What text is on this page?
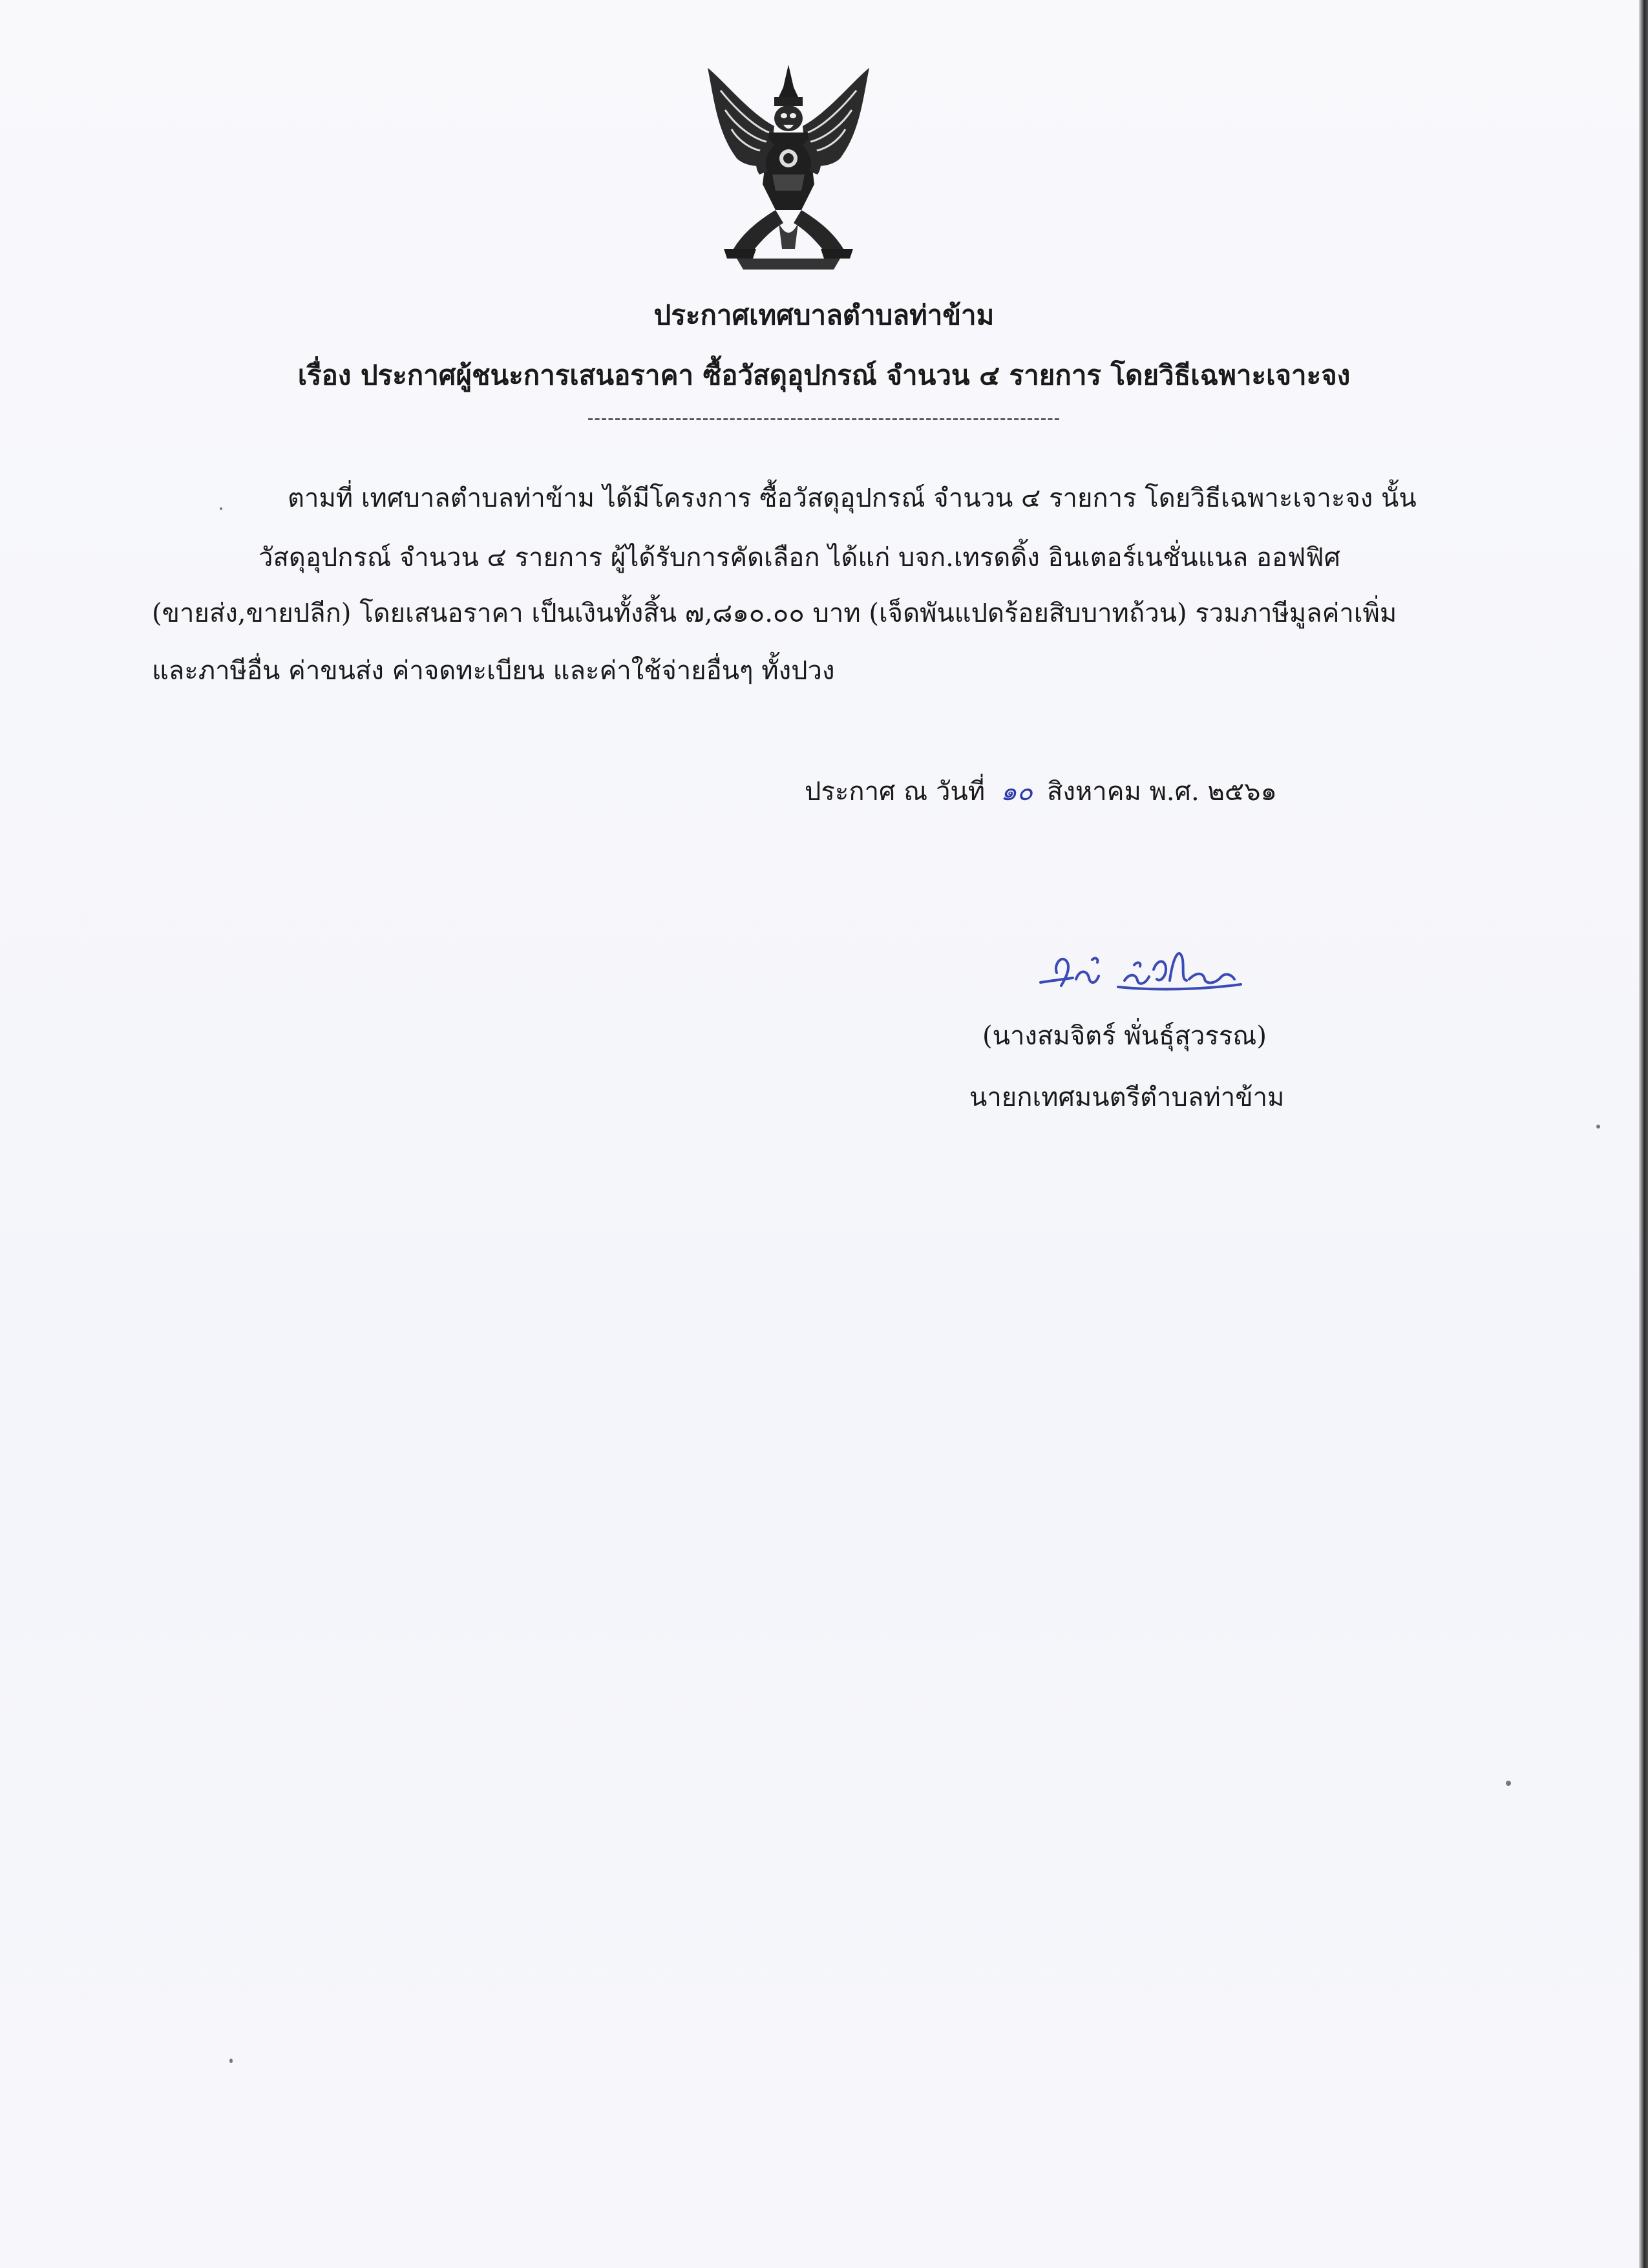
ประกาศเทศบาลตำบลท่าข้าม
เรื่อง ประกาศผู้ชนะการเสนอราคา ซื้อวัสดุอุปกรณ์ จำนวน ๔ รายการ โดยวิธีเฉพาะเจาะจง
----------------------------------------------------------------------
ตามที่ เทศบาลตำบลท่าข้าม ได้มีโครงการ ซื้อวัสดุอุปกรณ์ จำนวน ๔ รายการ โดยวิธีเฉพาะเจาะจง นั้น
วัสดุอุปกรณ์ จำนวน ๔ รายการ ผู้ได้รับการคัดเลือก ได้แก่ บจก.เทรดดิ้ง อินเตอร์เนชั่นแนล ออฟฟิศ
(ขายส่ง,ขายปลีก) โดยเสนอราคา เป็นเงินทั้งสิ้น ๗,๘๑๐.๐๐ บาท (เจ็ดพันแปดร้อยสิบบาทถ้วน) รวมภาษีมูลค่าเพิ่ม
และภาษีอื่น ค่าขนส่ง ค่าจดทะเบียน และค่าใช้จ่ายอื่นๆ ทั้งปวง
ประกาศ ณ วันที่ ๑๐ สิงหาคม พ.ศ. ๒๕๖๑
(นางสมจิตร์ พั่นธุ์สุวรรณ)
นายกเทศมนตรีตำบลท่าข้าม
